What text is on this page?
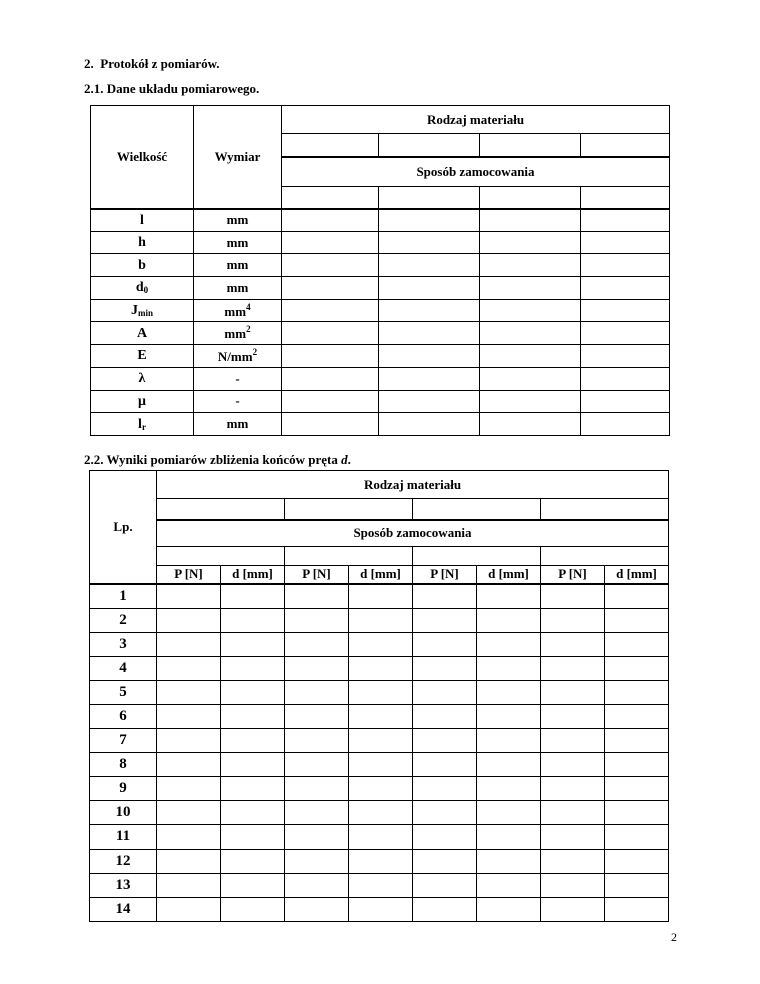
2. Protokół z pomiarów.
2.1. Dane układu pomiarowego.
Wielkość	Wymiar	Rodzaj materiału			

		Sposób zamocowania			

l	mm				
h	mm				
b	mm				
$d_0$	mm				
$J_{min}$	$mm^4$				
A	$mm^2$				
E	$N/mm^2$				
λ	-				
μ	-				
$l_r$	mm				
2.2. Wyniki pomiarów zbliżenia końców pręta d.
Lp.	Rodzaj materiału							

	Sposób zamocowania							

	P [N]	d [mm]	P [N]	d [mm]	P [N]	d [mm]	P [N]	d [mm]
1								
2								
3								
4								
5								
6								
7								
8								
9								
10								
11								
12								
13								
14								
2
